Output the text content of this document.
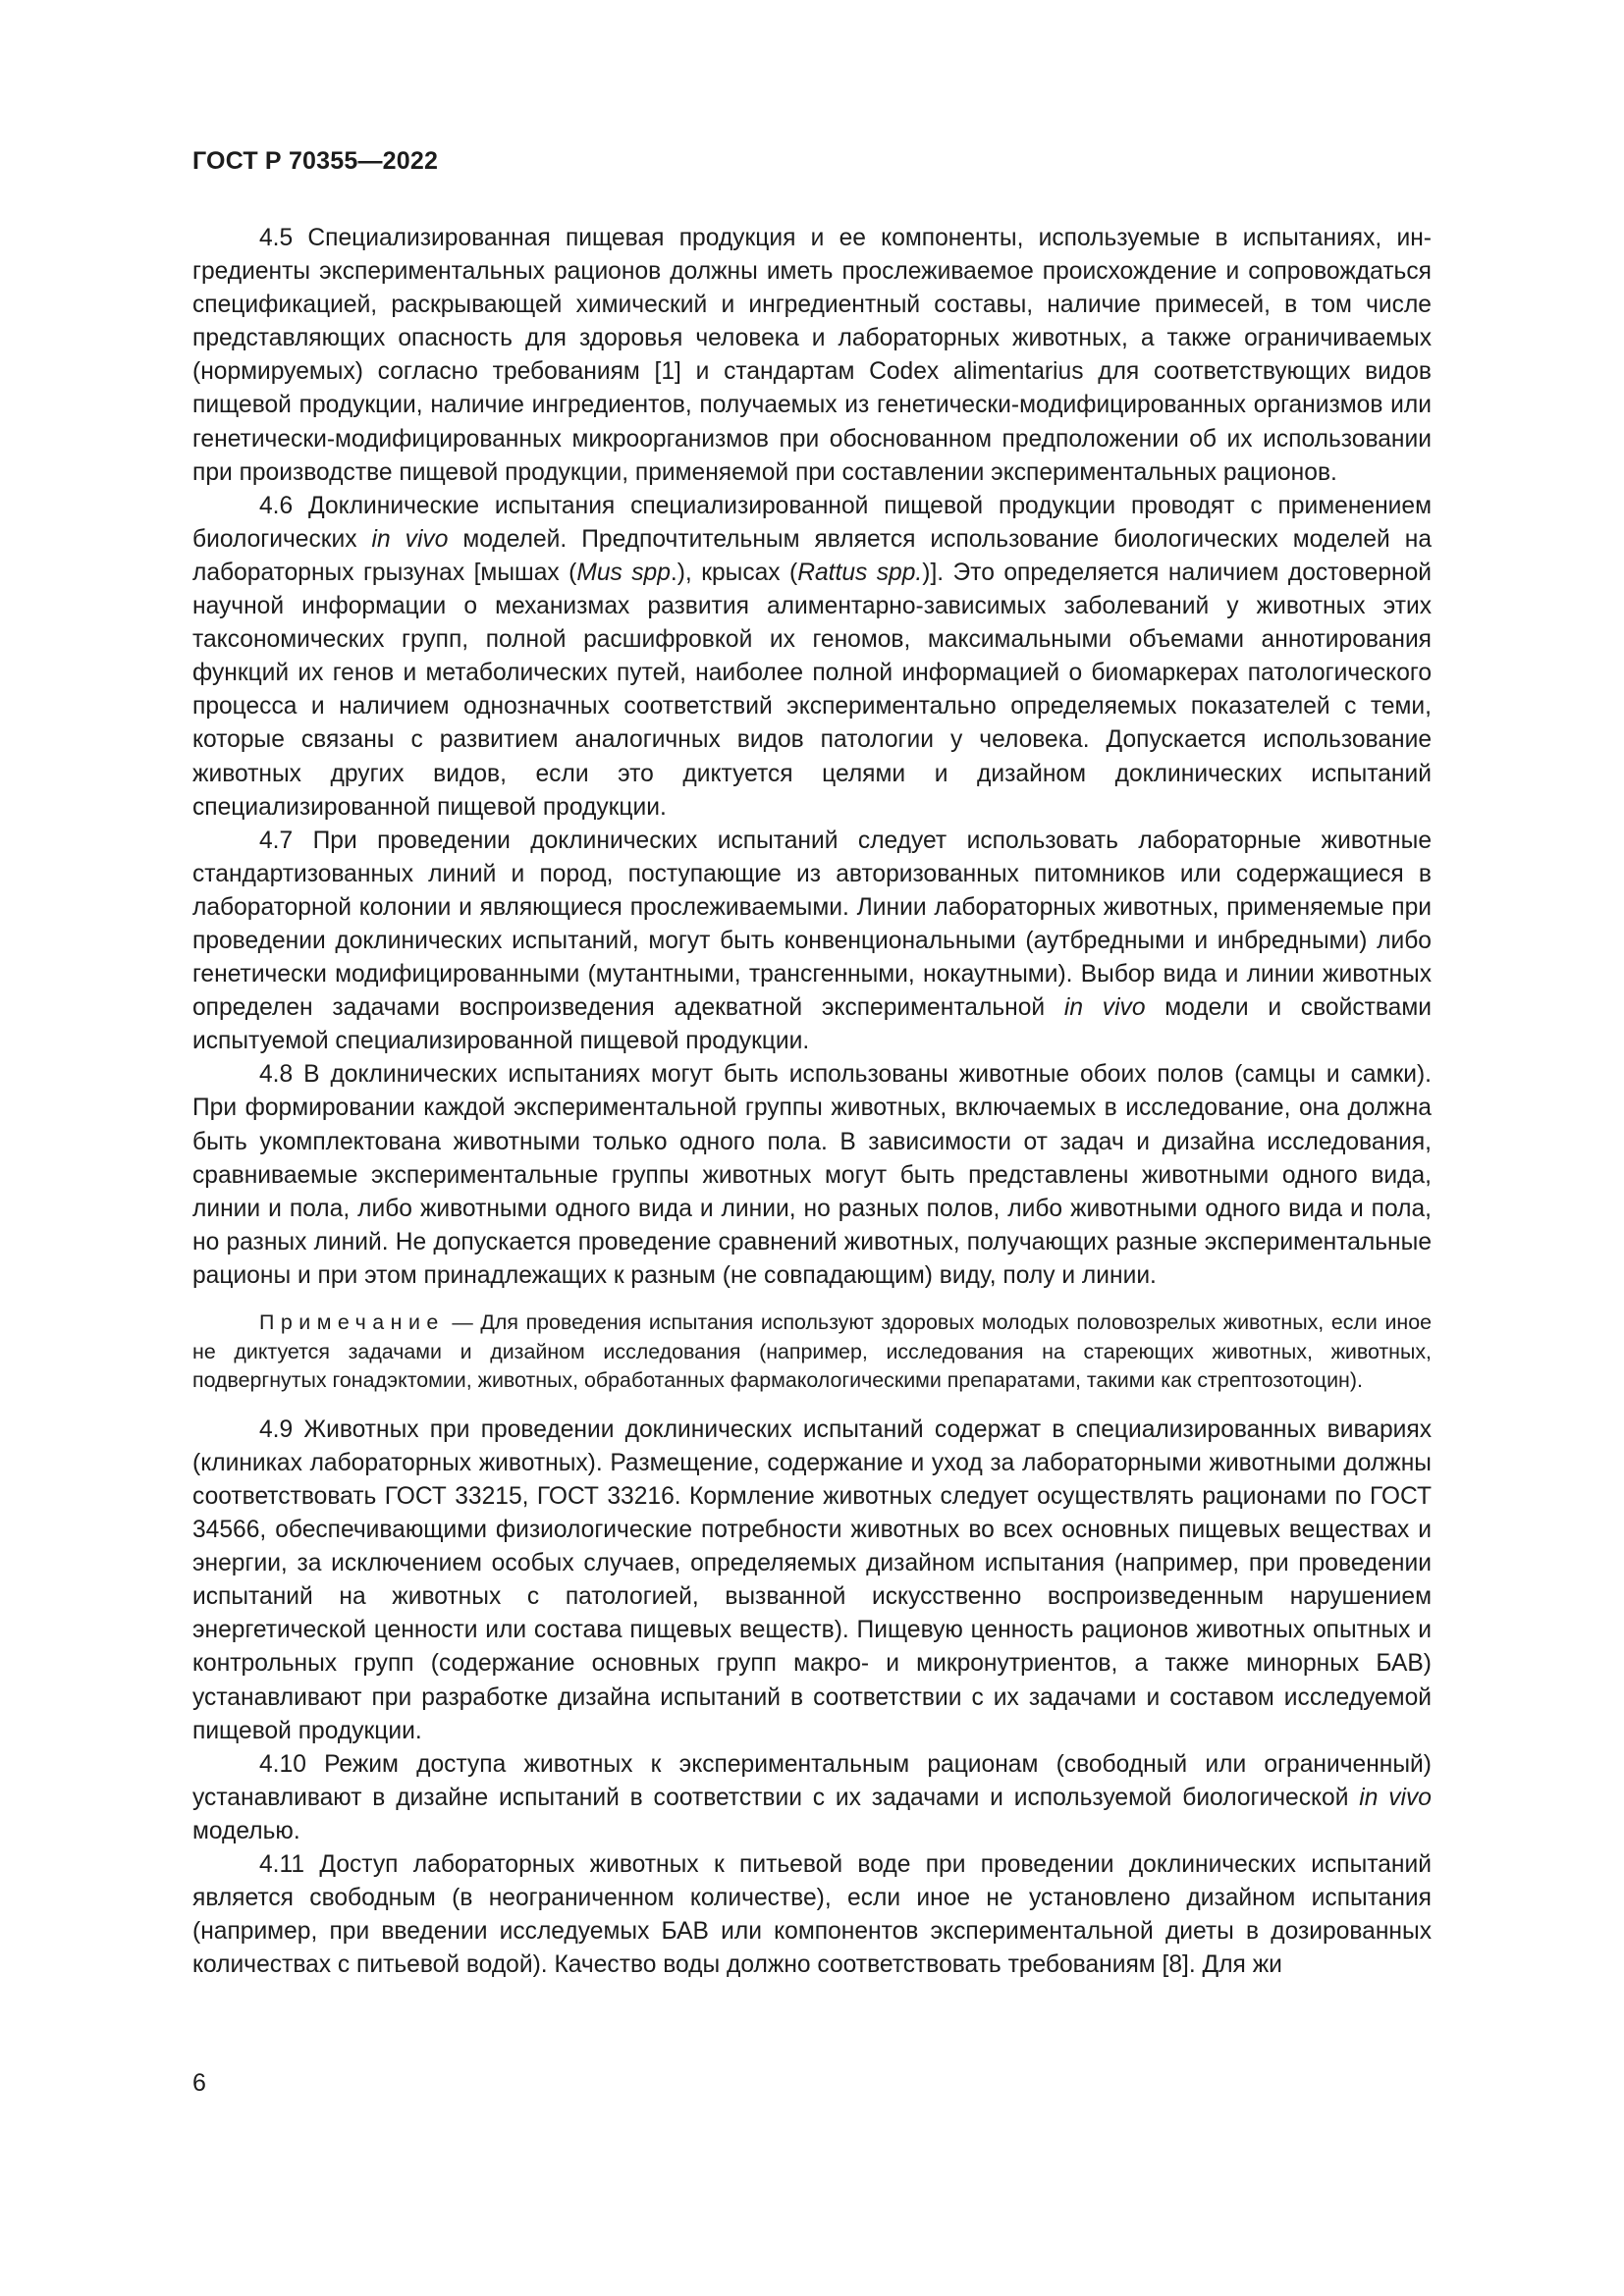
ГОСТ Р 70355—2022

4.5 Специализированная пищевая продукция и ее компоненты, используемые в испытаниях, ингредиенты экспериментальных рационов должны иметь прослеживаемое происхождение и сопровождаться спецификацией, раскрывающей химический и ингредиентный составы, наличие примесей, в том числе представляющих опасность для здоровья человека и лабораторных животных, а также ограничиваемых (нормируемых) согласно требованиям [1] и стандартам Codex alimentarius для соответствующих видов пищевой продукции, наличие ингредиентов, получаемых из генетически-модифицированных организмов или генетически-модифицированных микроорганизмов при обоснованном предположении об их использовании при производстве пищевой продукции, применяемой при составлении экспериментальных рационов.

4.6 Доклинические испытания специализированной пищевой продукции проводят с применением биологических in vivo моделей. Предпочтительным является использование биологических моделей на лабораторных грызунах [мышах (Mus spp.), крысах (Rattus spp.)]. Это определяется наличием достоверной научной информации о механизмах развития алиментарно-зависимых заболеваний у животных этих таксономических групп, полной расшифровкой их геномов, максимальными объемами аннотирования функций их генов и метаболических путей, наиболее полной информацией о биомаркерах патологического процесса и наличием однозначных соответствий экспериментально определяемых показателей с теми, которые связаны с развитием аналогичных видов патологии у человека. Допускается использование животных других видов, если это диктуется целями и дизайном доклинических испытаний специализированной пищевой продукции.

4.7 При проведении доклинических испытаний следует использовать лабораторные животные стандартизованных линий и пород, поступающие из авторизованных питомников или содержащиеся в лабораторной колонии и являющиеся прослеживаемыми. Линии лабораторных животных, применяемые при проведении доклинических испытаний, могут быть конвенциональными (аутбредными и инбредными) либо генетически модифицированными (мутантными, трансгенными, нокаутными). Выбор вида и линии животных определен задачами воспроизведения адекватной экспериментальной in vivo модели и свойствами испытуемой специализированной пищевой продукции.

4.8 В доклинических испытаниях могут быть использованы животные обоих полов (самцы и самки). При формировании каждой экспериментальной группы животных, включаемых в исследование, она должна быть укомплектована животными только одного пола. В зависимости от задач и дизайна исследования, сравниваемые экспериментальные группы животных могут быть представлены животными одного вида, линии и пола, либо животными одного вида и линии, но разных полов, либо животными одного вида и пола, но разных линий. Не допускается проведение сравнений животных, получающих разные экспериментальные рационы и при этом принадлежащих к разным (не совпадающим) виду, полу и линии.

Примечание — Для проведения испытания используют здоровых молодых половозрелых животных, если иное не диктуется задачами и дизайном исследования (например, исследования на стареющих животных, животных, подвергнутых гонадэктомии, животных, обработанных фармакологическими препаратами, такими как стрептозотоцин).

4.9 Животных при проведении доклинических испытаний содержат в специализированных вивариях (клиниках лабораторных животных). Размещение, содержание и уход за лабораторными животными должны соответствовать ГОСТ 33215, ГОСТ 33216. Кормление животных следует осуществлять рационами по ГОСТ 34566, обеспечивающими физиологические потребности животных во всех основных пищевых веществах и энергии, за исключением особых случаев, определяемых дизайном испытания (например, при проведении испытаний на животных с патологией, вызванной искусственно воспроизведенным нарушением энергетической ценности или состава пищевых веществ). Пищевую ценность рационов животных опытных и контрольных групп (содержание основных групп макро- и микронутриентов, а также минорных БАВ) устанавливают при разработке дизайна испытаний в соответствии с их задачами и составом исследуемой пищевой продукции.

4.10 Режим доступа животных к экспериментальным рационам (свободный или ограниченный) устанавливают в дизайне испытаний в соответствии с их задачами и используемой биологической in vivo моделью.

4.11 Доступ лабораторных животных к питьевой воде при проведении доклинических испытаний является свободным (в неограниченном количестве), если иное не установлено дизайном испытания (например, при введении исследуемых БАВ или компонентов экспериментальной диеты в дозированных количествах с питьевой водой). Качество воды должно соответствовать требованиям [8]. Для жи

6
